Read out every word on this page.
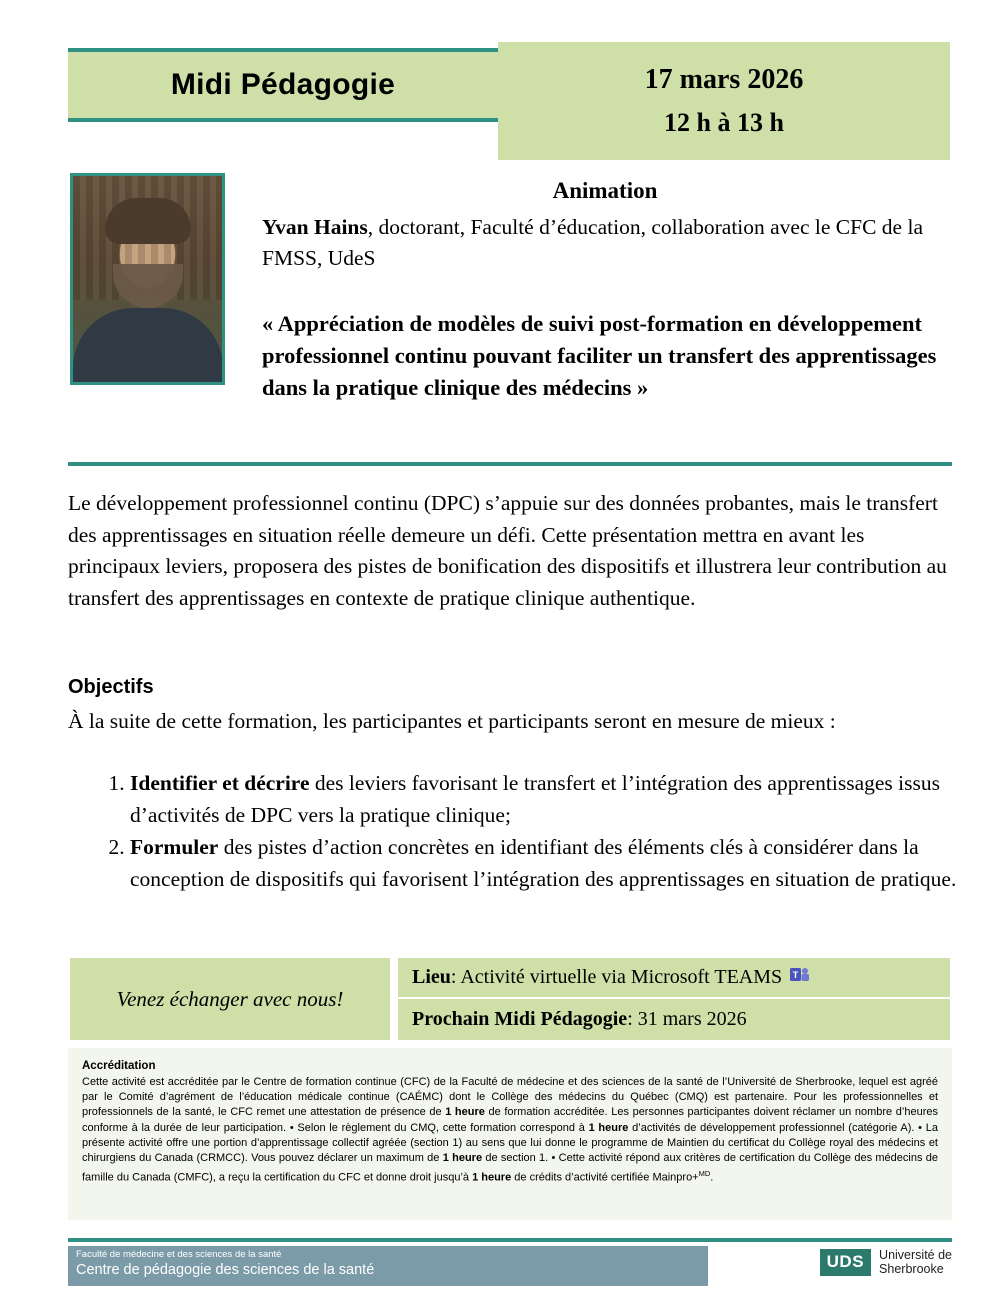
Midi Pédagogie	17 mars 2026
12 h à 13 h
Animation
Yvan Hains, doctorant, Faculté d’éducation, collaboration avec le CFC de la FMSS, UdeS
« Appréciation de modèles de suivi post-formation en développement professionnel continu pouvant faciliter un transfert des apprentissages dans la pratique clinique des médecins »
Le développement professionnel continu (DPC) s’appuie sur des données probantes, mais le transfert des apprentissages en situation réelle demeure un défi. Cette présentation mettra en avant les principaux leviers, proposera des pistes de bonification des dispositifs et illustrera leur contribution au transfert des apprentissages en contexte de pratique clinique authentique.
Objectifs
À la suite de cette formation, les participantes et participants seront en mesure de mieux :
1. Identifier et décrire des leviers favorisant le transfert et l’intégration des apprentissages issus d’activités de DPC vers la pratique clinique;
2. Formuler des pistes d’action concrètes en identifiant des éléments clés à considérer dans la conception de dispositifs qui favorisent l’intégration des apprentissages en situation de pratique.
Venez échanger avec nous!
Lieu : Activité virtuelle via Microsoft TEAMS T
Prochain Midi Pédagogie : 31 mars 2026
Accréditation
Cette activité est accréditée par le Centre de formation continue (CFC) de la Faculté de médecine et des sciences de la santé de l’Université de Sherbrooke, lequel est agréé par le Comité d’agrément de l’éducation médicale continue (CAÉMC) dont le Collège des médecins du Québec (CMQ) est partenaire. Pour les professionnelles et professionnels de la santé, le CFC remet une attestation de présence de 1 heure de formation accréditée. Les personnes participantes doivent réclamer un nombre d’heures conforme à la durée de leur participation. • Selon le règlement du CMQ, cette formation correspond à 1 heure d’activités de développement professionnel (catégorie A). • La présente activité offre une portion d’apprentissage collectif agréée (section 1) au sens que lui donne le programme de Maintien du certificat du Collège royal des médecins et chirurgiens du Canada (CRMCC). Vous pouvez déclarer un maximum de 1 heure de section 1. • Cette activité répond aux critères de certification du Collège des médecins de famille du Canada (CMFC), a reçu la certification du CFC et donne droit jusqu’à 1 heure de crédits d’activité certifiée Mainpro+$^{MD}$.
Faculté de médecine et des sciences de la santé
Centre de pédagogie des sciences de la santé	UDS	Université de
Sherbrooke
